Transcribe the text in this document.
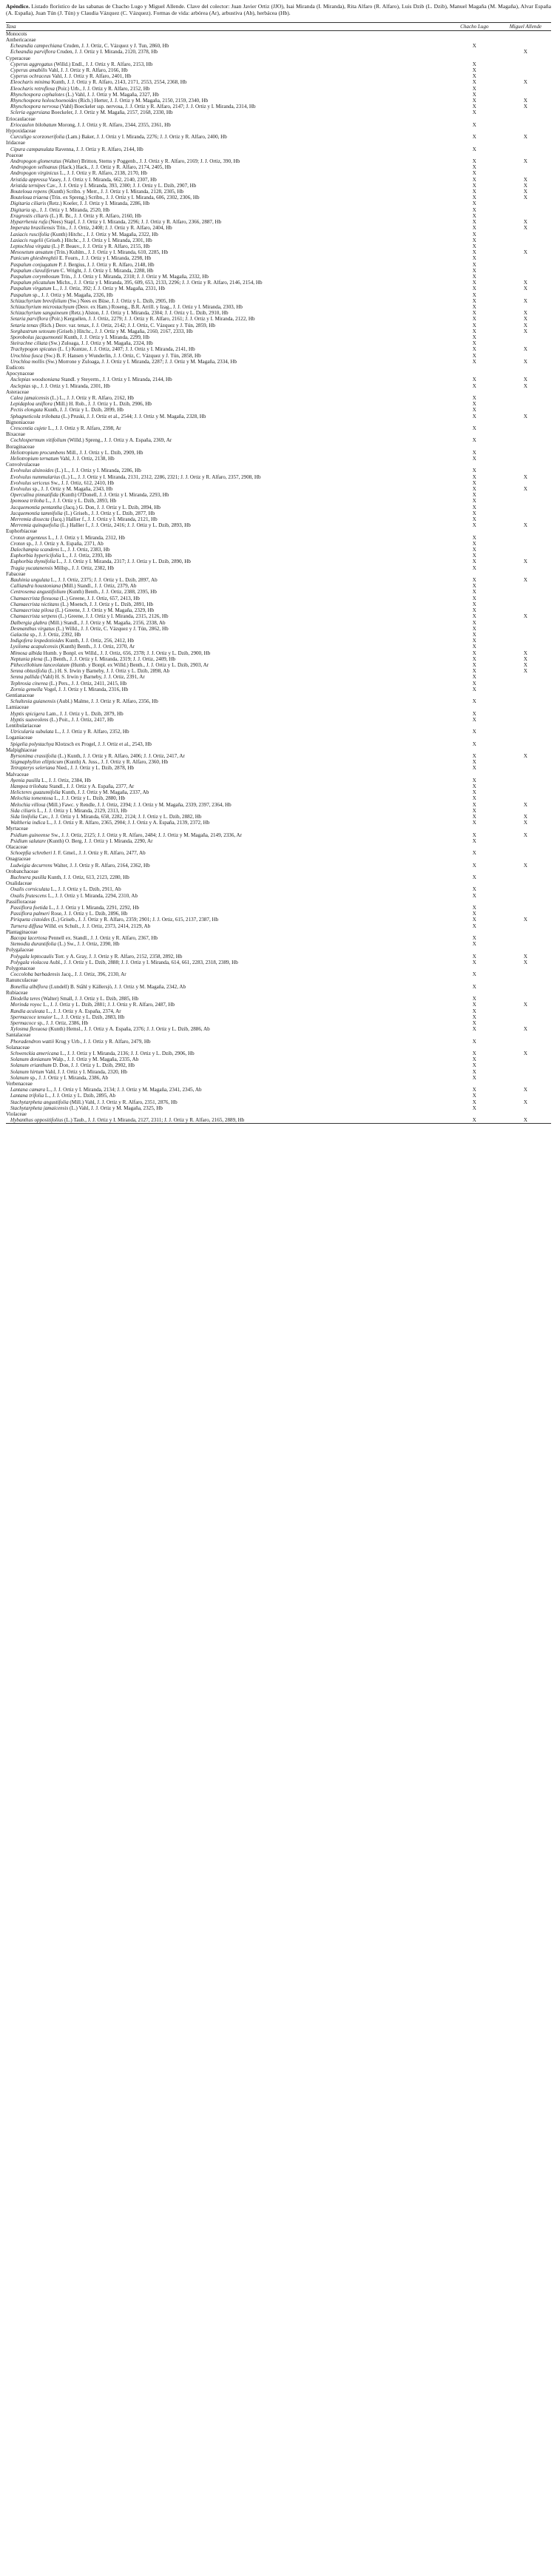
Apéndice. Listado florístico de las sabanas de Chacho Lugo y Miguel Allende. Clave del colector: Juan Javier Ortiz (JJO), Isai Miranda (I. Miranda), Rita Alfaro (R. Alfaro), Luis Dzib (L. Dzib), Manuel Magaña (M. Magaña), Alvar España (A. España), Juan Tún (J. Tún) y Claudia Vázquez (C. Vázquez). Formas de vida: arbórea (Ar), arbustiva (Ab), herbácea (Hb).

Taxa	Chacho Lugo	Miguel Allende
Monocots		
Anthericaceae		
Echeandia campechiana Cruden, J. J. Ortiz, C. Vázquez y J. Tun, 2860, Hb	X	
Echeandia parviflora Cruden, J. J. Ortiz y I. Miranda, 2120, 2378, Hb		X
Cyperaceae		
Cyperus aggregatus (Willd.) Endl., J. J. Ortiz y R. Alfaro, 2153, Hb	X	
Cyperus amabilis Vahl, J. J. Ortiz y R. Alfaro, 2166, Hb	X	
Cyperus ochraceus Vahl, J. J. Ortiz y R. Alfaro, 2401, Hb	X	
Eleocharis minima Kunth, J. J. Ortiz y R. Alfaro, 2143, 2171, 2553, 2554, 2368, Hb	X	X
Eleocharis retroflexa (Poir.) Urb., J. J. Ortiz y R. Alfaro, 2152, Hb	X	
Rhynchospora cephalotes (L.) Vahl, J. J. Ortiz y M. Magaña, 2327, Hb	X	
Rhynchospora holoschoenoides (Rich.) Herter, J. J. Ortiz y M. Magaña, 2150, 2159, 2340, Hb	X	X
Rhynchospora nervosa (Vahl) Boeckeler ssp. nervosa, J. J. Ortiz y R. Alfaro, 2147; J. J. Ortiz y I. Miranda, 2314, Hb	X	X
Scleria eggersiana Boeckeler, J. J. Ortiz y M. Magaña, 2157, 2168, 2330, Hb	X	
Eriocaulaceae		
Eriocaulon bilobatum Morong, J. J. Ortiz y R. Alfaro, 2344, 2355, 2361, Hb	X	
Hypoxidaceae		
Curculigo scorzonerifolia (Lam.) Baker, J. J. Ortiz y I. Miranda, 2276; J. J. Ortiz y R. Alfaro, 2400, Hb	X	X
Iridaceae		
Cipura campanulata Ravenna, J. J. Ortiz y R. Alfaro, 2144, Hb	X	
Poaceae		
Andropogon glomeratus (Walter) Britton, Sterns y Poggenb., J. J. Ortiz y R. Alfaro, 2169; J. J. Ortiz, 390, Hb	X	X
Andropogon selloanus (Hack.) Hack., J. J. Ortiz y R. Alfaro, 2174, 2405, Hb	X	
Andropogon virginicus L., J. J. Ortiz y R. Alfaro, 2138, 2170, Hb	X	
Aristida appressa Vasey, J. J. Ortiz y I. Miranda, 662, 2140, 2307, Hb	X	X
Aristida ternipes Cav., J. J. Ortiz y I. Miranda, 393, 2300; J. J. Ortiz y L. Dzib, 2907, Hb	X	X
Bouteloua repens (Kunth) Scribn. y Merr., J. J. Ortiz y I. Miranda, 2128, 2305, Hb	X	X
Bouteloua triaena (Trin. ex Spreng.) Scribn., J. J. Ortiz y I. Miranda, 606, 2302, 2306, Hb	X	X
Digitaria ciliaris (Retz.) Koeler, J. J. Ortiz y I. Miranda, 2286, Hb	X	
Digitaria sp., J. J. Ortiz y I. Miranda, 2520, Hb	X	
Eragrostis ciliaris (L.) R. Br., J. J. Ortiz y R. Alfaro, 2160, Hb	X	
Hyparrhenia rufa (Nees) Stapf, J. J. Ortiz y I. Miranda, 2296; J. J. Ortiz y R. Alfaro, 2366, 2887, Hb	X	X
Imperata brasiliensis Trin., J. J. Ortiz, 2408; J. J. Ortiz y R. Alfaro, 2404, Hb	X	X
Lasiacis ruscifolia (Kunth) Hitchc., J. J. Ortiz y M. Magaña, 2322, Hb	X	
Lasiacis rugelii (Griseb.) Hitchc., J. J. Ortiz y I. Miranda, 2301, Hb	X	
Leptochloa virgata (L.) P. Beauv., J. J. Ortiz y R. Alfaro, 2155, Hb	X	
Mesosetum ansatum (Trin.) Kuhlm., J. J. Ortiz y I. Miranda, 610, 2285, Hb	X	X
Panicum ghiesbreghtii E. Fourn., J. J. Ortiz y I. Miranda, 2298, Hb	X	
Paspalum conjugatum P. J. Bergius, J. J. Ortiz y R. Alfaro, 2148, Hb	X	
Paspalum clavuliferum C. Wright, J. J. Ortiz y I. Miranda, 2288, Hb	X	
Paspalum corymbosum Trin., J. J. Ortiz y I. Miranda, 2318; J. J. Ortiz y M. Magaña, 2332, Hb	X	
Paspalum plicatulum Michx., J. J. Ortiz y I. Miranda, 395, 609, 653, 2133, 2296; J. J. Ortiz y R. Alfaro, 2146, 2154, Hb	X	X
Paspalum virgatum L., J. J. Ortiz, 392; J. J. Ortiz y M. Magaña, 2331, Hb	X	X
Paspalum sp., J. J. Ortiz y M. Magaña, 2326, Hb	X	
Schizachyrium brevifolium (Sw.) Nees ex Büse, J. J. Ortiz y L. Dzib, 2905, Hb	X	X
Schizachyrium microstachyum (Desv. ex Ham.) Roseng., B.R. Arrill. y Izag., J. J. Ortiz y I. Miranda, 2303, Hb	X	
Schizachyrium sanguineum (Retz.) Alston, J. J. Ortiz y I. Miranda, 2304; J. J. Ortiz y L. Dzib, 2910, Hb	X	X
Setaria parviflora (Poir.) Kerguélen, J. J. Ortiz, 2279; J. J. Ortiz y R. Alfaro, 2161; J. J. Ortiz y I. Miranda, 2122, Hb	X	X
Setaria tenax (Rich.) Desv. var. tenax, J. J. Ortiz, 2142; J. J. Ortiz, C. Vázquez y J. Tún, 2859, Hb	X	X
Sorghastrum setosum (Griseb.) Hitchc., J. J. Ortiz y M. Magaña, 2160, 2167, 2333, Hb	X	X
Sporobolus jacquemontii Kunth, J. J. Ortiz y I. Miranda, 2299, Hb	X	
Steirachne ciliata (Sw.) Zuloaga, J. J. Ortiz y M. Magaña, 2324, Hb	X	
Trachypogon spicatus (L. f.) Kuntze, J. J. Ortiz, 2407; J. J. Ortiz y I. Miranda, 2141, Hb	X	X
Urochloa fusca (Sw.) B. F. Hansen y Wunderlin, J. J. Ortiz, C. Vázquez y J. Tún, 2858, Hb	X	
Urochloa mollis (Sw.) Morrone y Zuloaga, J. J. Ortiz y I. Miranda, 2287; J. J. Ortiz y M. Magaña, 2334, Hb	X	X
Eudicots		
Apocynaceae		
Asclepias woodsoniana Standl. y Steyerm., J. J. Ortiz y I. Miranda, 2144, Hb	X	X
Asclepias sp., J. J. Ortiz y I. Miranda, 2301, Hb	X	X
Asteraceae		
Calea jamaicensis (L.) L., J. J. Ortiz y R. Alfaro, 2162, Hb	X	
Lepidaploa uniflora (Mill.) H. Rob., J. J. Ortiz y L. Dzib, 2906, Hb	X	
Pectis elongata Kunth, J. J. Ortiz y L. Dzib, 2899, Hb	X	
Sphagneticola trilobata (L.) Pruski, J. J. Ortiz et al., 2544; J. J. Ortiz y M. Magaña, 2328, Hb	X	X
Bignoniaceae		
Crescentia cujete L., J. J. Ortiz y R. Alfaro, 2398, Ar	X	
Bixaceae		
Cochlospermum vitifolium (Willd.) Spreng., J. J. Ortiz y A. España, 2369, Ar	X	
Boraginaceae		
Heliotropium procumbens Mill., J. J. Ortiz y L. Dzib, 2909, Hb	X	
Heliotropium ternatum Vahl, J. J. Ortiz, 2138, Hb	X	
Convolvulaceae		
Evolvulus alsinoides (L.) L., J. J. Ortiz y I. Miranda, 2286, Hb	X	
Evolvulus nummularius (L.) L., J. J. Ortiz y I. Miranda, 2131, 2312, 2286, 2321; J. J. Ortiz y R. Alfaro, 2357, 2908, Hb	X	X
Evolvulus sericeus Sw., J. J. Ortiz, 612, 2410, Hb	X	
Evolvulus sp., J. J. Ortiz y M. Magaña, 2343, Hb	X	X
Operculina pinnatifida (Kunth) O'Donell, J. J. Ortiz y I. Miranda, 2293, Hb	X	
Ipomoea triloba L., J. J. Ortiz y L. Dzib, 2893, Hb	X	
Jacquemontia pentantha (Jacq.) G. Don, J. J. Ortiz y L. Dzib, 2894, Hb	X	
Jacquemontia tamnifolia (L.) Griseb., J. J. Ortiz y L. Dzib, 2877, Hb	X	
Merremia dissecta (Jacq.) Hallier f., J. J. Ortiz y I. Miranda, 2121, Hb	X	
Merremia quinquefolia (L.) Hallier f., J. J. Ortiz, 2416; J. J. Ortiz y L. Dzib, 2893, Hb	X	X
Euphorbiaceae		
Croton argenteus L., J. J. Ortiz y I. Miranda, 2312, Hb	X	
Croton sp., J. J. Ortiz y A. España, 2371, Ab	X	
Dalechampia scandens L., J. J. Ortiz, 2383, Hb	X	
Euphorbia hypericifolia L., J. J. Ortiz, 2393, Hb	X	
Euphorbia thymifolia L., J. J. Ortiz y I. Miranda, 2317; J. J. Ortiz y L. Dzib, 2890, Hb	X	X
Tragia yucatanensis Millsp., J. J. Ortiz, 2382, Hb	X	
Fabaceae		
Bauhinia ungulata L., J. J. Ortiz, 2375; J. J. Ortiz y L. Dzib, 2897, Ab	X	X
Calliandra houstoniana (Mill.) Standl., J. J. Ortiz, 2379, Ab	X	
Centrosema angustifolium (Kunth) Benth., J. J. Ortiz, 2388, 2395, Hb	X	
Chamaecrista flexuosa (L.) Greene, J. J. Ortiz, 657, 2413, Hb	X	
Chamaecrista nictitans (L.) Moench, J. J. Ortiz y L. Dzib, 2891, Hb	X	
Chamaecrista pilosa (L.) Greene, J. J. Ortiz y M. Magaña, 2329, Hb	X	
Chamaecrista serpens (L.) Greene, J. J. Ortiz y I. Miranda, 2315, 2126, Hb	X	X
Dalbergia glabra (Mill.) Standl., J. J. Ortiz y M. Magaña, 2156, 2338, Ab	X	
Desmanthus virgatus (L.) Willd., J. J. Ortiz, C. Vázquez y J. Tún, 2862, Hb	X	
Galactia sp., J. J. Ortiz, 2392, Hb	X	
Indigofera lespedezioides Kunth, J. J. Ortiz, 256, 2412, Hb	X	
Lysiloma acapulcensis (Kunth) Benth., J. J. Ortiz, 2370, Ar	X	
Mimosa albida Humb. y Bonpl. ex Willd., J. J. Ortiz, 656, 2378; J. J. Ortiz y L. Dzib, 2900, Hb	X	X
Neptunia plena (L.) Benth., J. J. Ortiz y I. Miranda, 2319; J. J. Ortiz, 2409, Hb	X	X
Pithecellobium lanceolatum (Humb. y Bonpl. ex Willd.) Benth., J. J. Ortiz y L. Dzib, 2903, Ar	X	X
Senna obtusifolia (L.) H. S. Irwin y Barneby, J. J. Ortiz y L. Dzib, 2898, Ab	X	X
Senna pallida (Vahl) H. S. Irwin y Barneby, J. J. Ortiz, 2391, Ar	X	
Tephrosia cinerea (L.) Pers., J. J. Ortiz, 2411, 2415, Hb	X	
Zornia gemella Vogel, J. J. Ortiz y I. Miranda, 2316, Hb	X	
Gentianaceae		
Schultesia guianensis (Aubl.) Malme, J. J. Ortiz y R. Alfaro, 2356, Hb	X	
Lamiaceae		
Hyptis spicigera Lam., J. J. Ortiz y L. Dzib, 2879, Hb	X	
Hyptis suaveolens (L.) Poit., J. J. Ortiz, 2417, Hb	X	
Lentibulariaceae		
Utricularia subulata L., J. J. Ortiz y R. Alfaro, 2352, Hb	X	
Loganiaceae		
Spigelia polystachya Klotzsch ex Progel, J. J. Ortiz et al., 2543, Hb	X	
Malpighiaceae		
Byrsonima crassifolia (L.) Kunth, J. J. Ortiz y R. Alfaro, 2406; J. J. Ortiz, 2417, Ar	X	X
Stigmaphyllon ellipticum (Kunth) A. Juss., J. J. Ortiz y R. Alfaro, 2360, Hb	X	
Tetrapterys seleriana Nied., J. J. Ortiz y L. Dzib, 2878, Hb	X	
Malvaceae		
Ayenia pusilla L., J. J. Ortiz, 2384, Hb	X	
Hampea trilobata Standl., J. J. Ortiz y A. España, 2377, Ar	X	
Helicteres guazumifolia Kunth, J. J. Ortiz y M. Magaña, 2337, Ab	X	
Melochia tomentosa L., J. J. Ortiz y L. Dzib, 2880, Hb	X	
Melochia villosa (Mill.) Fawc. y Rendle, J. J. Ortiz, 2394; J. J. Ortiz y M. Magaña, 2339, 2397, 2364, Hb	X	X
Sida ciliaris L., J. J. Ortiz y I. Miranda, 2129, 2313, Hb	X	
Sida linifolia Cav., J. J. Ortiz y I. Miranda, 658, 2282, 2124; J. J. Ortiz y L. Dzib, 2882, Hb	X	X
Waltheria indica L., J. J. Ortiz y R. Alfaro, 2365, 2904; J. J. Ortiz y A. España, 2139, 2372, Hb	X	X
Myrtaceae		
Psidium guineense Sw., J. J. Ortiz, 2125; J. J. Ortiz y R. Alfaro, 2484; J. J. Ortiz y M. Magaña, 2149, 2336, Ar	X	X
Psidium salutare (Kunth) O. Berg, J. J. Ortiz y I. Miranda, 2290, Ar	X	
Olacaceae		
Schoepfia schreberi J. F. Gmel., J. J. Ortiz y R. Alfaro, 2477, Ab	X	
Onagraceae		
Ludwigia decurrens Walter, J. J. Ortiz y R. Alfaro, 2164, 2362, Hb	X	X
Orobanchaceae		
Buchnera pusilla Kunth, J. J. Ortiz, 613, 2123, 2280, Hb	X	
Oxalidaceae		
Oxalis corniculata L., J. J. Ortiz y L. Dzib, 2911, Ab	X	
Oxalis frutescens L., J. J. Ortiz y I. Miranda, 2294, 2310, Ab	X	
Passifloraceae		
Passiflora foetida L., J. J. Ortiz y I. Miranda, 2291, 2292, Hb	X	
Passiflora palmeri Rose, J. J. Ortiz y L. Dzib, 2896, Hb	X	
Piriqueta cistoides (L.) Griseb., J. J. Ortiz y R. Alfaro, 2359; 2901; J. J. Ortiz, 615, 2137, 2387, Hb	X	X
Turnera diffusa Willd. ex Schult., J. J. Ortiz, 2373, 2414, 2129, Ab	X	
Plantaginaceae		
Bacopa lacertosa Pennell ex. Standl., J. J. Ortiz y R. Alfaro, 2367, Hb	X	
Stemodia durantifolia (L.) Sw., J. J. Ortiz, 2390, Hb	X	
Polygalaceae		
Polygala leptocaulis Torr. y A. Gray, J. J. Ortiz y R. Alfaro, 2152, 2358, 2892, Hb	X	X
Polygala violacea Aubl., J. J. Ortiz y L. Dzib, 2888; J. J. Ortiz y I. Miranda, 614, 661, 2283, 2318, 2389, Hb	X	X
Polygonaceae		
Coccoloba barbadensis Jacq., J. J. Ortiz, 396, 2130, Ar	X	
Ranunculaceae		
Bonellia albiflora (Lundell) B. Ståhl y Källersjö, J. J. Ortiz y M. Magaña, 2342, Ab	X	
Rubiaceae		
Diodella teres (Walter) Small, J. J. Ortiz y L. Dzib, 2885, Hb	X	
Morinda royoc L., J. J. Ortiz y L. Dzib, 2881; J. J. Ortiz y R. Alfaro, 2487, Hb	X	X
Randia aculeata L., J. J. Ortiz y A. España, 2374, Ar	X	
Spermacoce tenuior L., J. J. Ortiz y L. Dzib, 2883, Hb	X	
Spermacoce sp., J. J. Ortiz, 2386, Hb	X	
Xylosma flexuosa (Kunth) Hemsl., J. J. Ortiz y A. España, 2376; J. J. Ortiz y L. Dzib, 2886, Ab	X	X
Santalaceae		
Phoradendron wattii Krug y Urb., J. J. Ortiz y R. Alfaro, 2479, Hb	X	
Solanaceae		
Schwenckia americana L., J. J. Ortiz y I. Miranda, 2136; J. J. Ortiz y L. Dzib, 2906, Hb	X	X
Solanum donianum Walp., J. J. Ortiz y M. Magaña, 2335, Ab	X	
Solanum erianthum D. Don, J. J. Ortiz y L. Dzib, 2902, Hb	X	
Solanum hirtum Vahl, J. J. Ortiz y I. Miranda, 2320, Hb	X	
Solanum sp., J. J. Ortiz y I. Miranda, 2386, Ab	X	
Verbenaceae		
Lantana camara L., J. J. Ortiz y I. Miranda, 2134; J. J. Ortiz y M. Magaña, 2341, 2345, Ab	X	X
Lantana trifolia L., J. J. Ortiz y L. Dzib, 2895, Ab	X	
Stachytarpheta angustifolia (Mill.) Vahl, J. J. Ortiz y R. Alfaro, 2351, 2876, Hb	X	X
Stachytarpheta jamaicensis (L.) Vahl, J. J. Ortiz y M. Magaña, 2325, Hb	X	
Violaceae		
Hybanthus oppositifolius (L.) Taub., J. J. Ortiz y I. Miranda, 2127, 2311; J. J. Ortiz y R. Alfaro, 2165, 2889, Hb	X	X
